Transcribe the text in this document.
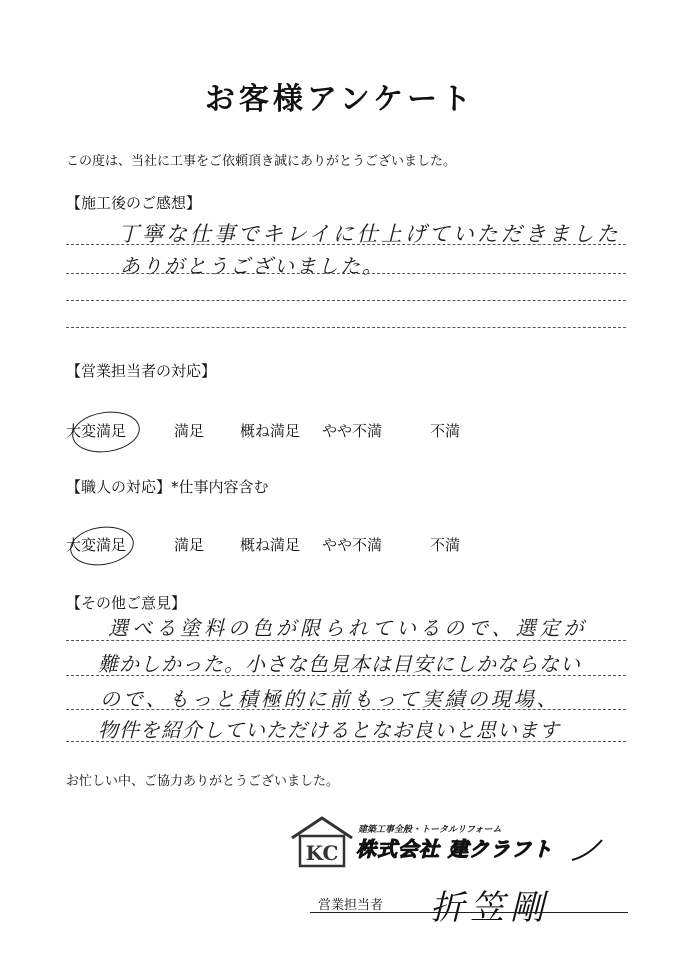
お客様アンケート
この度は、当社に工事をご依頼頂き誠にありがとうございました。
【施工後のご感想】
丁寧な仕事でキレイに仕上げていただきました
ありがとうございました。
【営業担当者の対応】
大変満足	満足 概ね満足 やや不満	不満
【職人の対応】*仕事内容含む
大変満足	満足 概ね満足 やや不満	不満
【その他ご意見】
選べる塗料の色が限られているので、選定が
難かしかった。小さな色見本は目安にしかならない
ので、もっと積極的に前もって実績の現場、
物件を紹介していただけるとなお良いと思います
お忙しい中、ご協力ありがとうございました。
KC
建築工事全般・トータルリフォーム
株式会社 建クラフト
営業担当者 折笠剛
